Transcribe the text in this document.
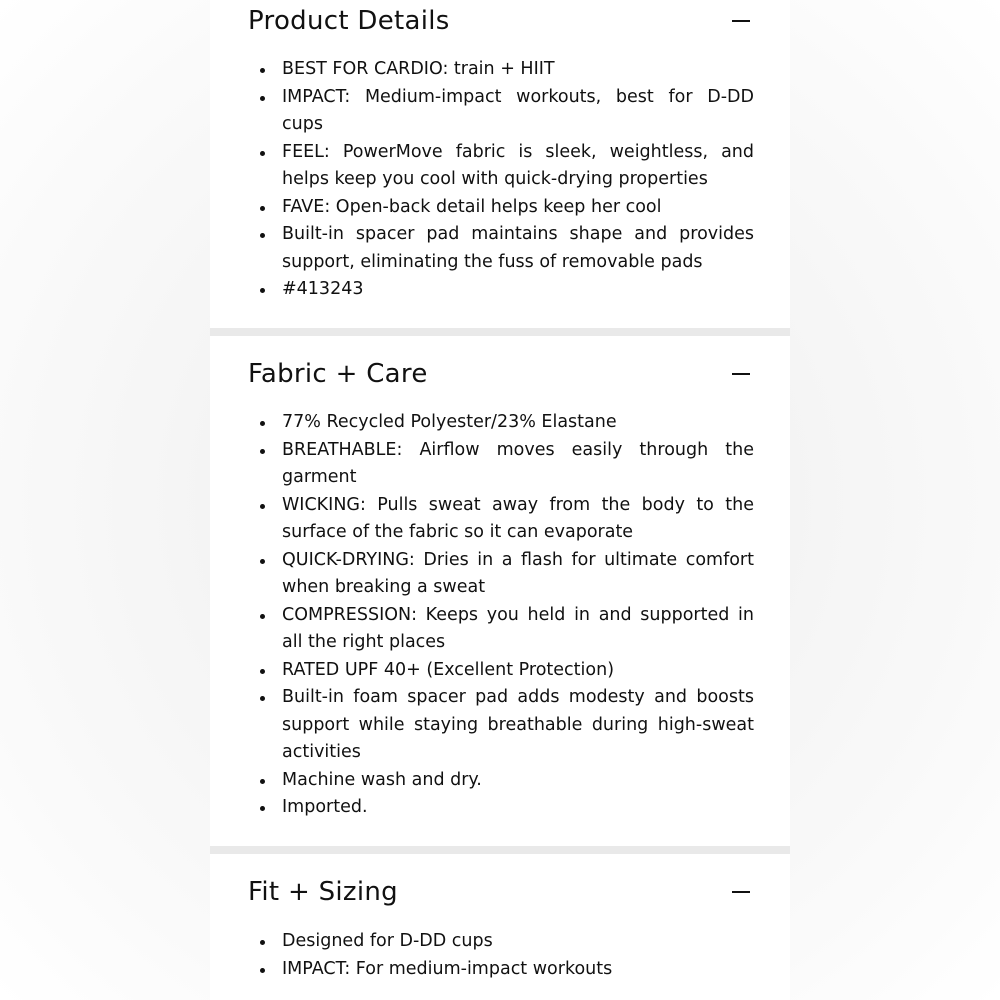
Product Details
BEST FOR CARDIO: train + HIIT
IMPACT: Medium-impact workouts, best for D-DD cups
FEEL: PowerMove fabric is sleek, weightless, and helps keep you cool with quick-drying properties
FAVE: Open-back detail helps keep her cool
Built-in spacer pad maintains shape and provides support, eliminating the fuss of removable pads
#413243
Fabric + Care
77% Recycled Polyester/23% Elastane
BREATHABLE: Airflow moves easily through the garment
WICKING: Pulls sweat away from the body to the surface of the fabric so it can evaporate
QUICK-DRYING: Dries in a flash for ultimate comfort when breaking a sweat
COMPRESSION: Keeps you held in and supported in all the right places
RATED UPF 40+ (Excellent Protection)
Built-in foam spacer pad adds modesty and boosts support while staying breathable during high-sweat activities
Machine wash and dry.
Imported.
Fit + Sizing
Designed for D-DD cups
IMPACT: For medium-impact workouts
